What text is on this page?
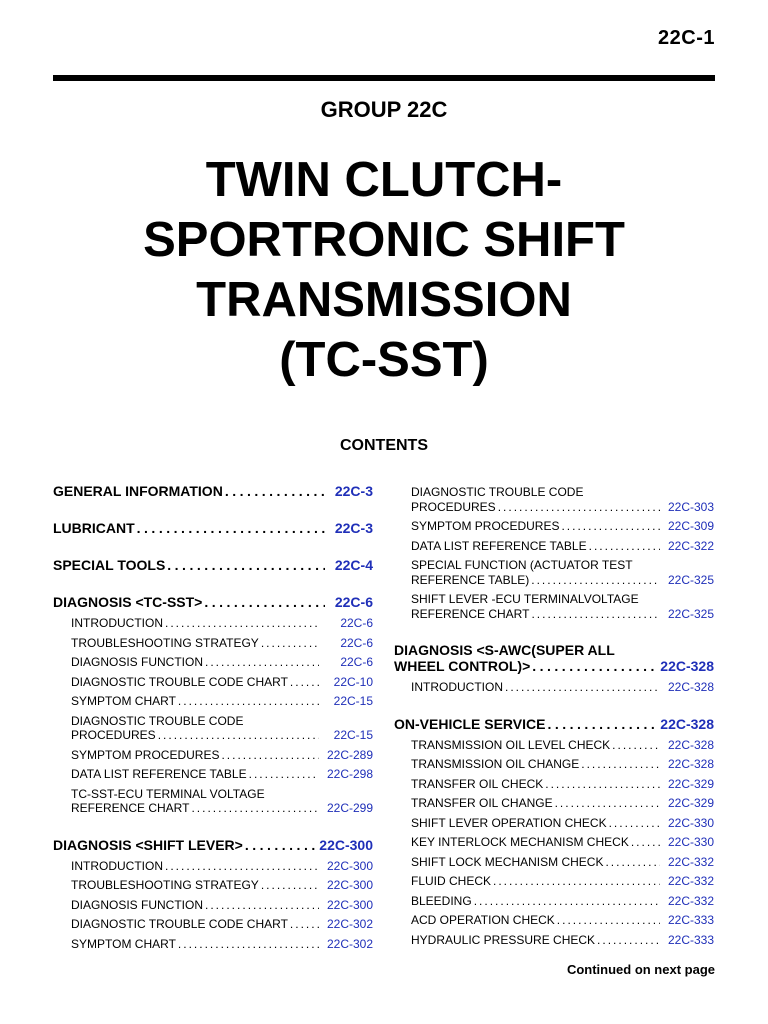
22C-1
GROUP 22C
TWIN CLUTCH-
SPORTRONIC SHIFT
TRANSMISSION
(TC-SST)
CONTENTS
GENERAL INFORMATION .....	22C-3
LUBRICANT .....	22C-3
SPECIAL TOOLS .....	22C-4
DIAGNOSIS <TC-SST> .....	22C-6
INTRODUCTION .....	22C-6
TROUBLESHOOTING STRATEGY .....	22C-6
DIAGNOSIS FUNCTION .....	22C-6
DIAGNOSTIC TROUBLE CODE CHART .....	22C-10
SYMPTOM CHART .....	22C-15
DIAGNOSTIC TROUBLE CODE
PROCEDURES .....	22C-15
SYMPTOM PROCEDURES .....	22C-289
DATA LIST REFERENCE TABLE .....	22C-298
TC-SST-ECU TERMINAL VOLTAGE
REFERENCE CHART .....	22C-299
DIAGNOSIS <SHIFT LEVER> .....	22C-300
INTRODUCTION .....	22C-300
TROUBLESHOOTING STRATEGY .....	22C-300
DIAGNOSIS FUNCTION .....	22C-300
DIAGNOSTIC TROUBLE CODE CHART .....	22C-302
SYMPTOM CHART .....	22C-302
DIAGNOSTIC TROUBLE CODE
PROCEDURES .....	22C-303
SYMPTOM PROCEDURES .....	22C-309
DATA LIST REFERENCE TABLE .....	22C-322
SPECIAL FUNCTION (ACTUATOR TEST
REFERENCE TABLE) .....	22C-325
SHIFT LEVER -ECU TERMINALVOLTAGE
REFERENCE CHART .....	22C-325
DIAGNOSIS <S-AWC(SUPER ALL
WHEEL CONTROL)> .....	22C-328
INTRODUCTION .....	22C-328
ON-VEHICLE SERVICE .....	22C-328
TRANSMISSION OIL LEVEL CHECK .....	22C-328
TRANSMISSION OIL CHANGE .....	22C-328
TRANSFER OIL CHECK .....	22C-329
TRANSFER OIL CHANGE .....	22C-329
SHIFT LEVER OPERATION CHECK .....	22C-330
KEY INTERLOCK MECHANISM CHECK .....	22C-330
SHIFT LOCK MECHANISM CHECK .....	22C-332
FLUID CHECK .....	22C-332
BLEEDING .....	22C-332
ACD OPERATION CHECK .....	22C-333
HYDRAULIC PRESSURE CHECK .....	22C-333
Continued on next page
